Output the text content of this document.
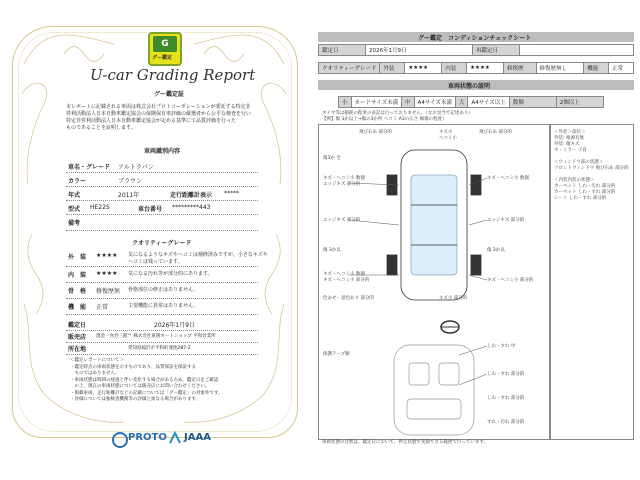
G
グー鑑定
U-car Grading Report
グー鑑定証
本レポートに記載される車両は株式会社プロトコーポレーションが委託する特定非
営利活動法人日本自動車鑑定協会の保険保有車評価の厳選者から公平な検査を行い
特定非営利活動法人日本自動車鑑定協会が定める基準にて品質評価を行った
ものであることを証明します。
車両識別内容
車名・グレード アルトラパン
カラー	ブラウン
年式	2011年	走行距離計表示 *****
型式 HE22S	車台番号 *********443
備考
クオリティーグレード
外　装 ★★★★ 気になるようなキズやヘコミは補修済みですが、小さなキズや
ヘコミは残っています。
内　装 ★★★★ 気になる汚れ等が部分的にあります。
骨　格 修復歴無 骨格部位の修正はありません。
機　能 正常	主要機能に異常はありません。
鑑定日	2026年1月9日
販売店 現金一食券三館™ 株式会社東園オートショップ 平和営業所
所在地	愛知県稲沢市平和町蓮池287-2
＜鑑定レポートについて＞
・鑑定時点の車両状態を示すものであり、品質保証を保証する
　ものではありません。
・車両状態は時間の経過と伴い変化する場合があるため、鑑定日をご確認
　の上、現在の車両状態については販売店にお問い合わせください。
・掲載車両、走行距離計などの記載については「グー鑑定」の対象外です。
・評価については独検査機関等の評価と異なる場合があります。
PROTO JAAA
グー鑑定　コンディションチェックシート
鑑定日	2026年1月9日	再鑑定日	
クオリティーグレード	外装	★★★★	内装	★★★★	修復歴	修復歴無し	機能	正常
車両状態の説明
小	カードサイズ未満	中	A4サイズ未満	大	A4サイズ以上	数個	2個以上
タイヤ等は損耗の程度の表記は行っておりません。（なお見当で記述あり）
【例】傷 3か以上→傷の3か所 ヘコミ A3の広さ 線傷の程度）
傷3か 全
キズ・ヘコミ小 数個
エッジキズ 部分的
エッジキズ 部分的
傷 3か以
キズ・ヘコミ小 数個
キズ・ヘコミ小 部分的
色あせ・退色あり 部分的
保護テープ跡
飛び石あ 部分的	キズ小
ヘコミ小
飛び石あ 部分的
キズ・ヘコミ小 数個
エッジキズ 部分的
傷 3か以
キズ・ヘコミ小 部分的
キズ小 部分的
しわ・すれ 中
しわ・すれ 部分的
しわ・すれ 部分的
すれ・汚れ 部分的
＜外装＞部位＞
外装: 根源有無
外装: 傷キズ
ホ・ミラー 子育
＜ウィンドウ部の状態＞
フロントウィンドウ 飛び石あ 部分的
＜内装内装の状態＞
カーペット しわ・汚れ 部分的
カーペット しわ・すれ 部分的
シート しわ・すれ 部分的
車両状態の注釈は、鑑定日において、停止状態で実施できる範囲で行っています。
